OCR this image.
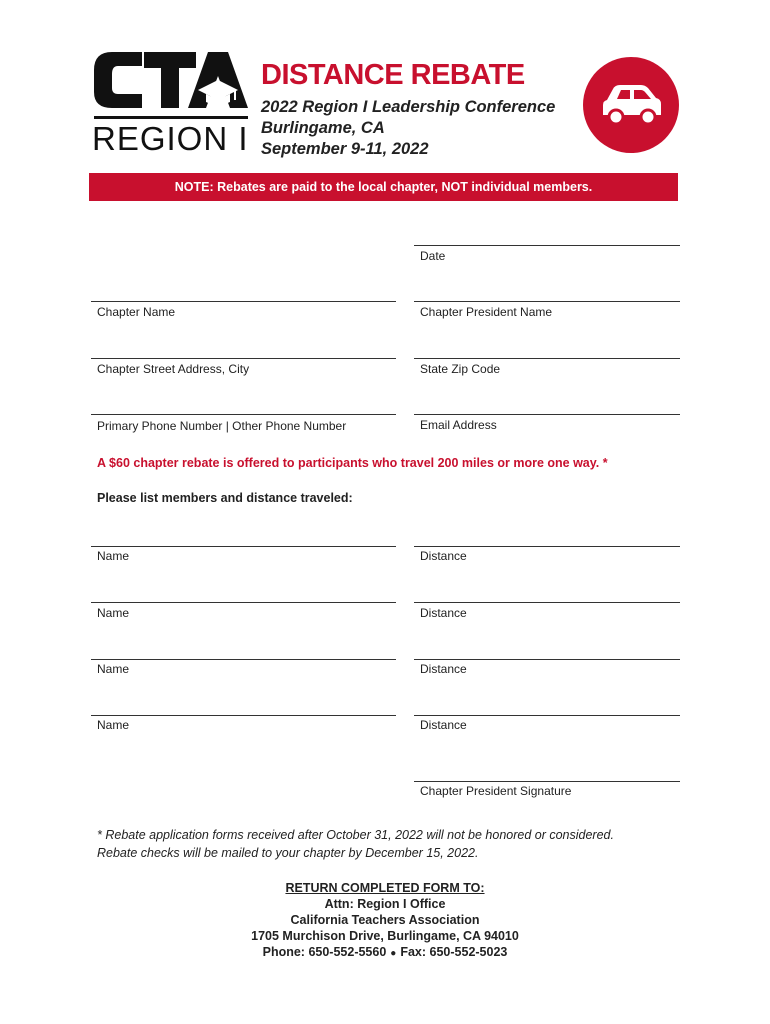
REGION I
DISTANCE REBATE
2022 Region I Leadership Conference
Burlingame, CA
September 9-11, 2022
NOTE: Rebates are paid to the local chapter, NOT individual members.
Date
Chapter Name	Chapter President Name
Chapter Street Address, City	State Zip Code
Primary Phone Number | Other Phone Number	Email Address
A $60 chapter rebate is offered to participants who travel 200 miles or more one way. *
Please list members and distance traveled:
Name	Distance
Name	Distance
Name	Distance
Name	Distance
Chapter President Signature
* Rebate application forms received after October 31, 2022 will not be honored or considered.
Rebate checks will be mailed to your chapter by December 15, 2022.
RETURN COMPLETED FORM TO:
Attn: Region I Office
California Teachers Association
1705 Murchison Drive, Burlingame, CA 94010
Phone: 650-552-5560 ● Fax: 650-552-5023
